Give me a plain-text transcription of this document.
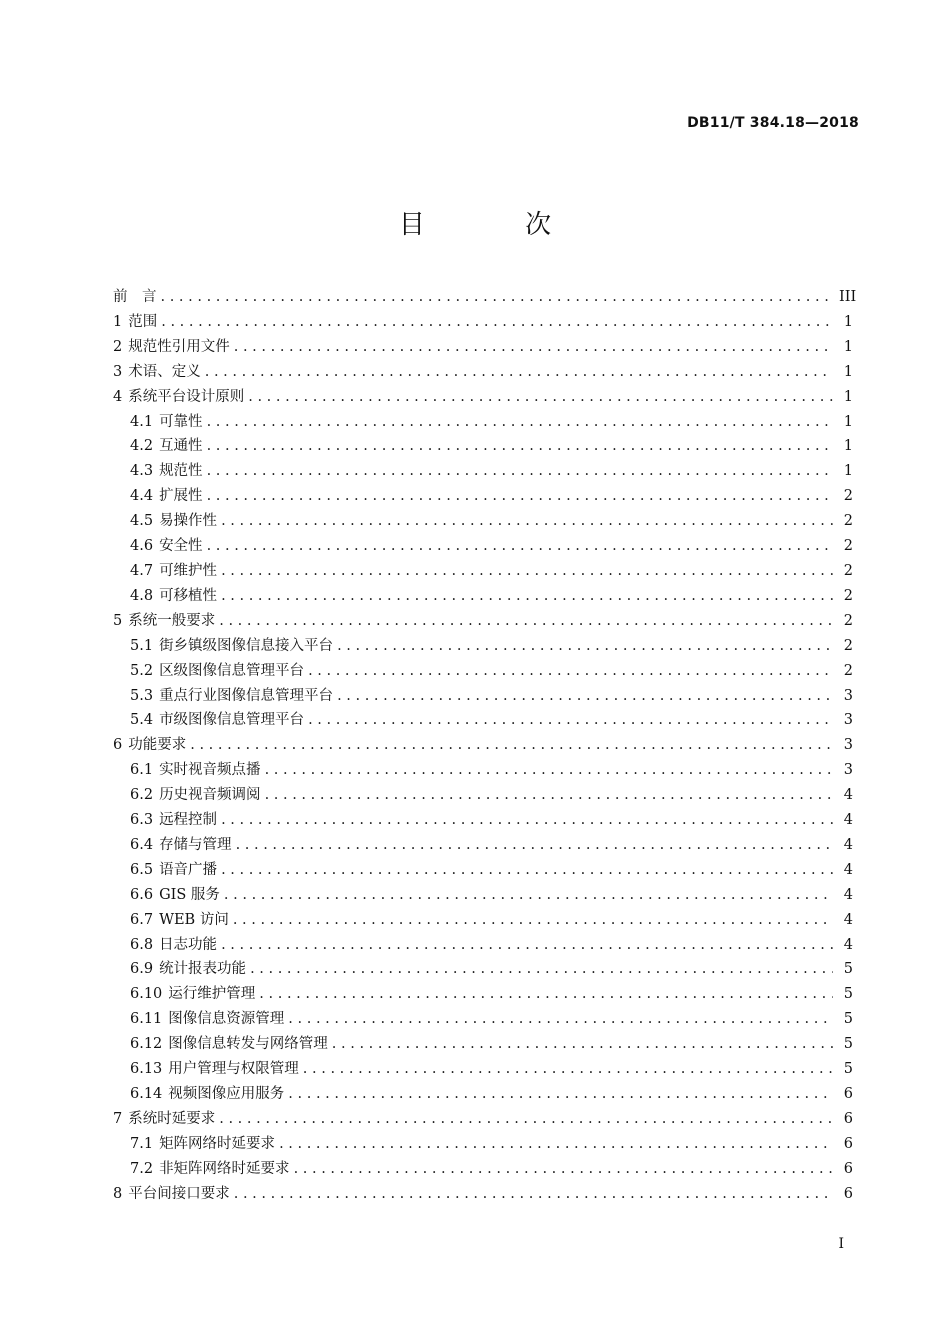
DB11/T 384.18—2018
目 次
前　言 . . .	III
1 范围 . . .	1
2 规范性引用文件 . . .	1
3 术语、定义 . . .	1
4 系统平台设计原则 . . .	1
4.1 可靠性 . . .	1
4.2 互通性 . . .	1
4.3 规范性 . . .	1
4.4 扩展性 . . .	2
4.5 易操作性 . . .	2
4.6 安全性 . . .	2
4.7 可维护性 . . .	2
4.8 可移植性 . . .	2
5 系统一般要求 . . .	2
5.1 街乡镇级图像信息接入平台 . . .	2
5.2 区级图像信息管理平台 . . .	2
5.3 重点行业图像信息管理平台 . . .	3
5.4 市级图像信息管理平台 . . .	3
6 功能要求 . . .	3
6.1 实时视音频点播 . . .	3
6.2 历史视音频调阅 . . .	4
6.3 远程控制 . . .	4
6.4 存储与管理 . . .	4
6.5 语音广播 . . .	4
6.6 GIS 服务 . . .	4
6.7 WEB 访问 . . .	4
6.8 日志功能 . . .	4
6.9 统计报表功能 . . .	5
6.10 运行维护管理 . . .	5
6.11 图像信息资源管理 . . .	5
6.12 图像信息转发与网络管理 . . .	5
6.13 用户管理与权限管理 . . .	5
6.14 视频图像应用服务 . . .	6
7 系统时延要求 . . .	6
7.1 矩阵网络时延要求 . . .	6
7.2 非矩阵网络时延要求 . . .	6
8 平台间接口要求 . . .	6
I
